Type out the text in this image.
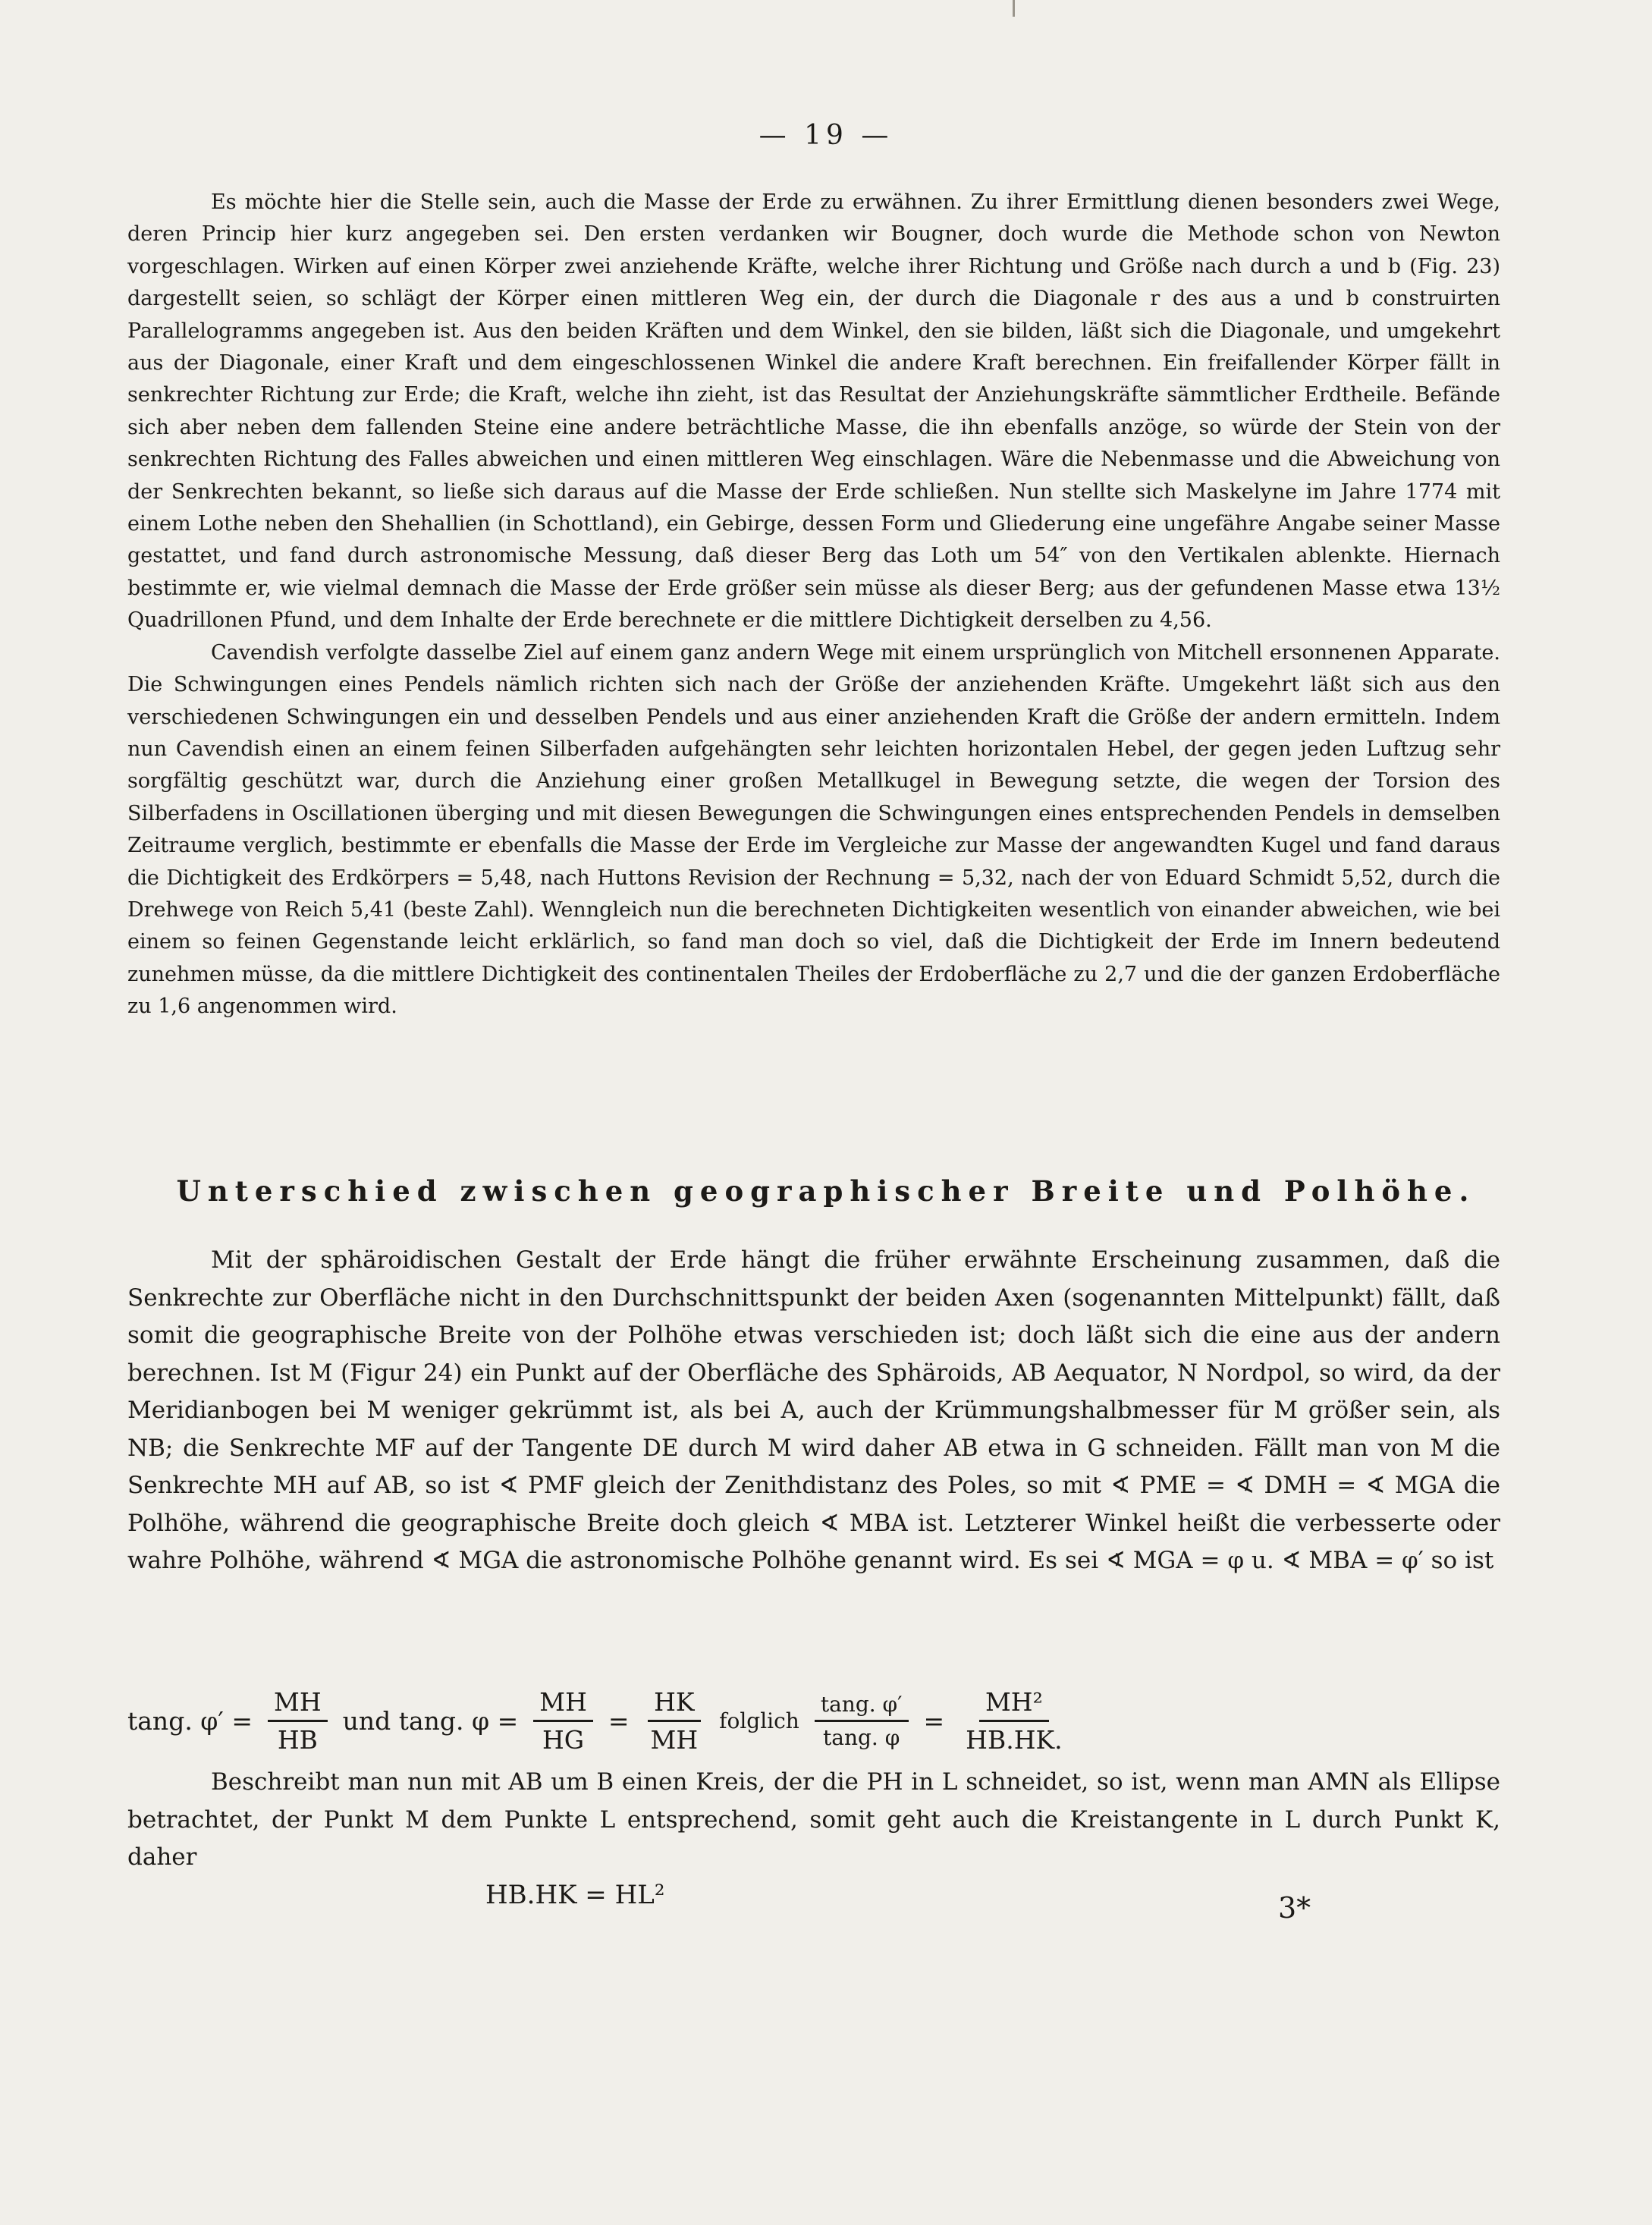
— 19 —

Es möchte hier die Stelle sein, auch die Masse der Erde zu erwähnen. Zu ihrer Ermittlung dienen besonders zwei Wege, deren Princip hier kurz angegeben sei. Den ersten verdanken wir Bougner, doch wurde die Methode schon von Newton vorgeschlagen. Wirken auf einen Körper zwei anziehende Kräfte, welche ihrer Richtung und Größe nach durch a und b (Fig. 23) dargestellt seien, so schlägt der Körper einen mittleren Weg ein, der durch die Diagonale r des aus a und b construirten Parallelogramms angegeben ist. Aus den beiden Kräften und dem Winkel, den sie bilden, läßt sich die Diagonale, und umgekehrt aus der Diagonale, einer Kraft und dem eingeschlossenen Winkel die andere Kraft berechnen. Ein freifallender Körper fällt in senkrechter Richtung zur Erde; die Kraft, welche ihn zieht, ist das Resultat der Anziehungskräfte sämmtlicher Erdtheile. Befände sich aber neben dem fallenden Steine eine andere beträchtliche Masse, die ihn ebenfalls anzöge, so würde der Stein von der senkrechten Richtung des Falles abweichen und einen mittleren Weg einschlagen. Wäre die Nebenmasse und die Abweichung von der Senkrechten bekannt, so ließe sich daraus auf die Masse der Erde schließen. Nun stellte sich Maskelyne im Jahre 1774 mit einem Lothe neben den Shehallien (in Schottland), ein Gebirge, dessen Form und Gliederung eine ungefähre Angabe seiner Masse gestattet, und fand durch astronomische Messung, daß dieser Berg das Loth um 54″ von den Vertikalen ablenkte. Hiernach bestimmte er, wie vielmal demnach die Masse der Erde größer sein müsse als dieser Berg; aus der gefundenen Masse etwa 13½ Quadrillonen Pfund, und dem Inhalte der Erde berechnete er die mittlere Dichtigkeit derselben zu 4,56.

Cavendish verfolgte dasselbe Ziel auf einem ganz andern Wege mit einem ursprünglich von Mitchell ersonnenen Apparate. Die Schwingungen eines Pendels nämlich richten sich nach der Größe der anziehenden Kräfte. Umgekehrt läßt sich aus den verschiedenen Schwingungen ein und desselben Pendels und aus einer anziehenden Kraft die Größe der andern ermitteln. Indem nun Cavendish einen an einem feinen Silberfaden aufgehängten sehr leichten horizontalen Hebel, der gegen jeden Luftzug sehr sorgfältig geschützt war, durch die Anziehung einer großen Metallkugel in Bewegung setzte, die wegen der Torsion des Silberfadens in Oscillationen überging und mit diesen Bewegungen die Schwingungen eines entsprechenden Pendels in demselben Zeitraume verglich, bestimmte er ebenfalls die Masse der Erde im Vergleiche zur Masse der angewandten Kugel und fand daraus die Dichtigkeit des Erdkörpers = 5,48, nach Huttons Revision der Rechnung = 5,32, nach der von Eduard Schmidt 5,52, durch die Drehwege von Reich 5,41 (beste Zahl). Wenngleich nun die berechneten Dichtigkeiten wesentlich von einander abweichen, wie bei einem so feinen Gegenstande leicht erklärlich, so fand man doch so viel, daß die Dichtigkeit der Erde im Innern bedeutend zunehmen müsse, da die mittlere Dichtigkeit des continentalen Theiles der Erdoberfläche zu 2,7 und die der ganzen Erdoberfläche zu 1,6 angenommen wird.

Unterschied zwischen geographischer Breite und Polhöhe.

Mit der sphäroidischen Gestalt der Erde hängt die früher erwähnte Erscheinung zusammen, daß die Senkrechte zur Oberfläche nicht in den Durchschnittspunkt der beiden Axen (sogenannten Mittelpunkt) fällt, daß somit die geographische Breite von der Polhöhe etwas verschieden ist; doch läßt sich die eine aus der andern berechnen. Ist M (Figur 24) ein Punkt auf der Oberfläche des Sphäroids, AB Aequator, N Nordpol, so wird, da der Meridianbogen bei M weniger gekrümmt ist, als bei A, auch der Krümmungshalbmesser für M größer sein, als NB; die Senkrechte MF auf der Tangente DE durch M wird daher AB etwa in G schneiden. Fällt man von M die Senkrechte MH auf AB, so ist ∢ PMF gleich der Zenithdistanz des Poles, so mit ∢ PME = ∢ DMH = ∢ MGA die Polhöhe, während die geographische Breite doch gleich ∢ MBA ist. Letzterer Winkel heißt die verbesserte oder wahre Polhöhe, während ∢ MGA die astronomische Polhöhe genannt wird. Es sei ∢ MGA = φ u. ∢ MBA = φ′ so ist

tang. $\varphi' = \frac{MH}{HB}$ und tang. $\varphi = \frac{MH}{HG} = \frac{HK}{MH}$ folglich $\frac{\tan g. \varphi'}{\tan g. \varphi} = \frac{\text{MH²}}{HB.HK.}$

Beschreibt man nun mit AB um B einen Kreis, der die PH in L schneidet, so ist, wenn man AMN als Ellipse betrachtet, der Punkt M dem Punkte L entsprechend, somit geht auch die Kreistangente in L durch Punkt K, daher

HB.HK = HL²	3*
